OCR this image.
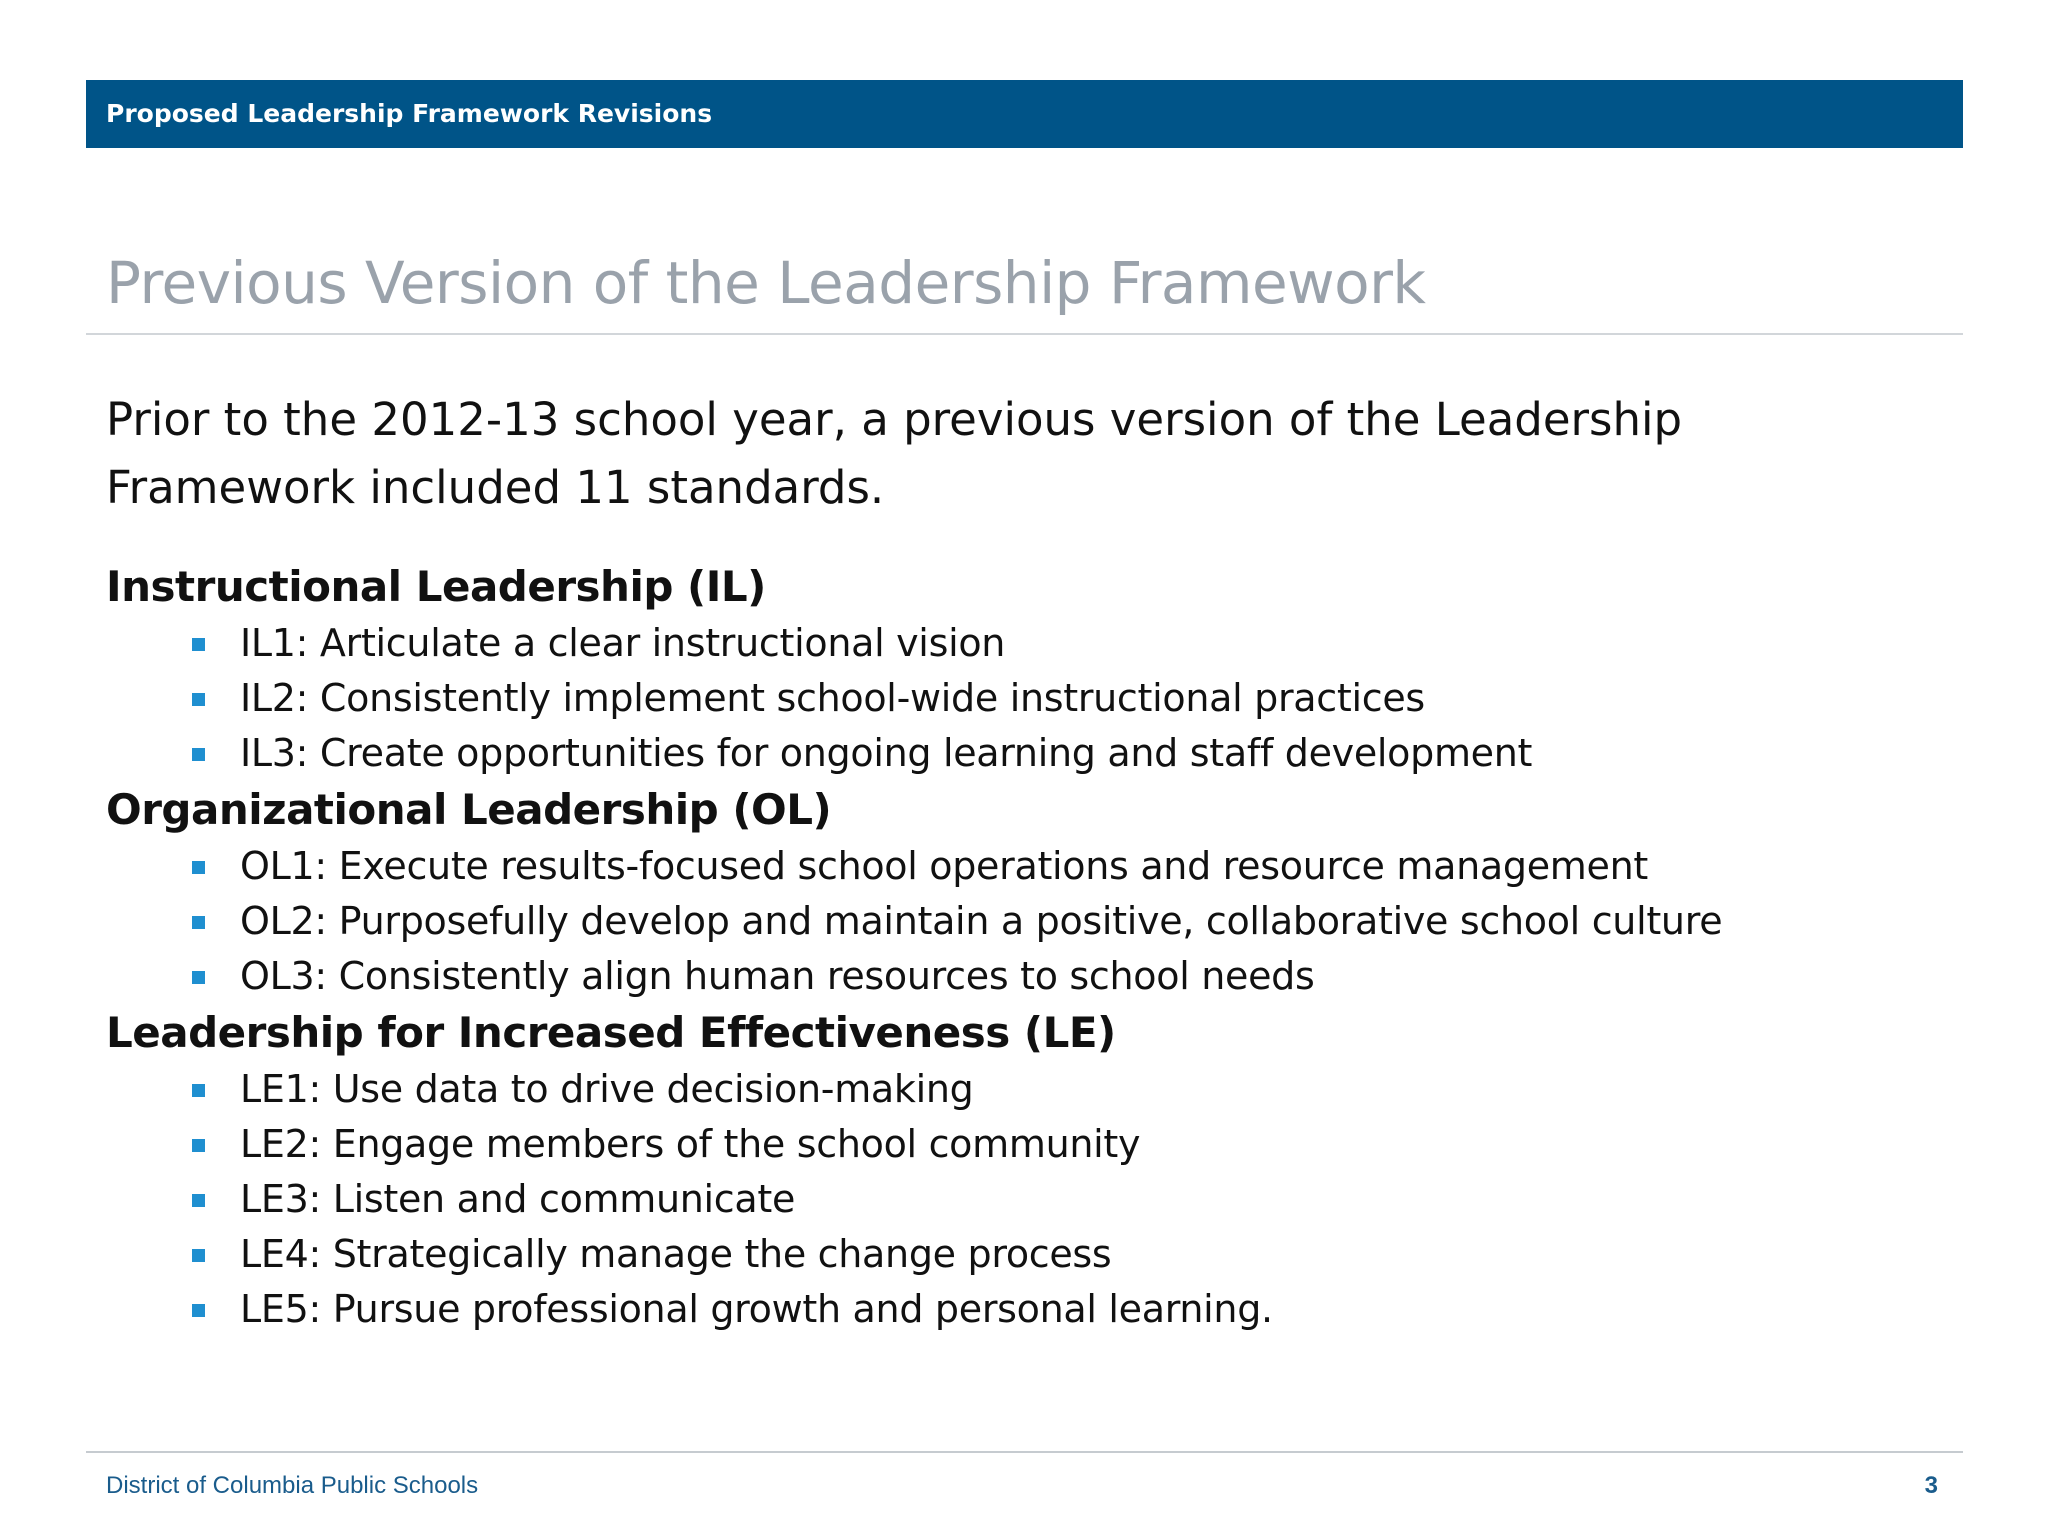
Proposed Leadership Framework Revisions
Previous Version of the Leadership Framework
Prior to the 2012-13 school year, a previous version of the Leadership Framework included 11 standards.
Instructional Leadership (IL)
IL1: Articulate a clear instructional vision
IL2: Consistently implement school-wide instructional practices
IL3: Create opportunities for ongoing learning and staff development
Organizational Leadership (OL)
OL1: Execute results-focused school operations and resource management
OL2: Purposefully develop and maintain a positive, collaborative school culture
OL3: Consistently align human resources to school needs
Leadership for Increased Effectiveness (LE)
LE1: Use data to drive decision-making
LE2: Engage members of the school community
LE3: Listen and communicate
LE4: Strategically manage the change process
LE5: Pursue professional growth and personal learning.
District of Columbia Public Schools	3
